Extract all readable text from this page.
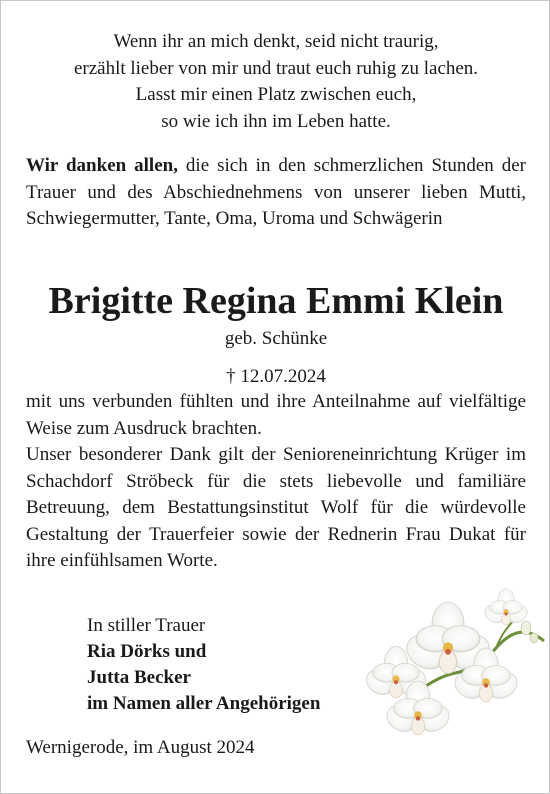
Wenn ihr an mich denkt, seid nicht traurig,
erzählt lieber von mir und traut euch ruhig zu lachen.
Lasst mir einen Platz zwischen euch,
so wie ich ihn im Leben hatte.
Wir danken allen, die sich in den schmerzlichen Stunden der Trauer und des Abschiednehmens von unserer lieben Mutti, Schwiegermutter, Tante, Oma, Uroma und Schwägerin
Brigitte Regina Emmi Klein
geb. Schünke
† 12.07.2024

mit uns verbunden fühlten und ihre Anteilnahme auf vielfältige Weise zum Ausdruck brachten.

Unser besonderer Dank gilt der Senioreneinrichtung Krüger im Schachdorf Ströbeck für die stets liebevolle und familiäre Betreuung, dem Bestattungsinstitut Wolf für die würdevolle Gestaltung der Trauerfeier sowie der Rednerin Frau Dukat für ihre einfühlsamen Worte.

In stiller Trauer
Ria Dörks und
Jutta Becker
im Namen aller Angehörigen
Wernigerode, im August 2024
